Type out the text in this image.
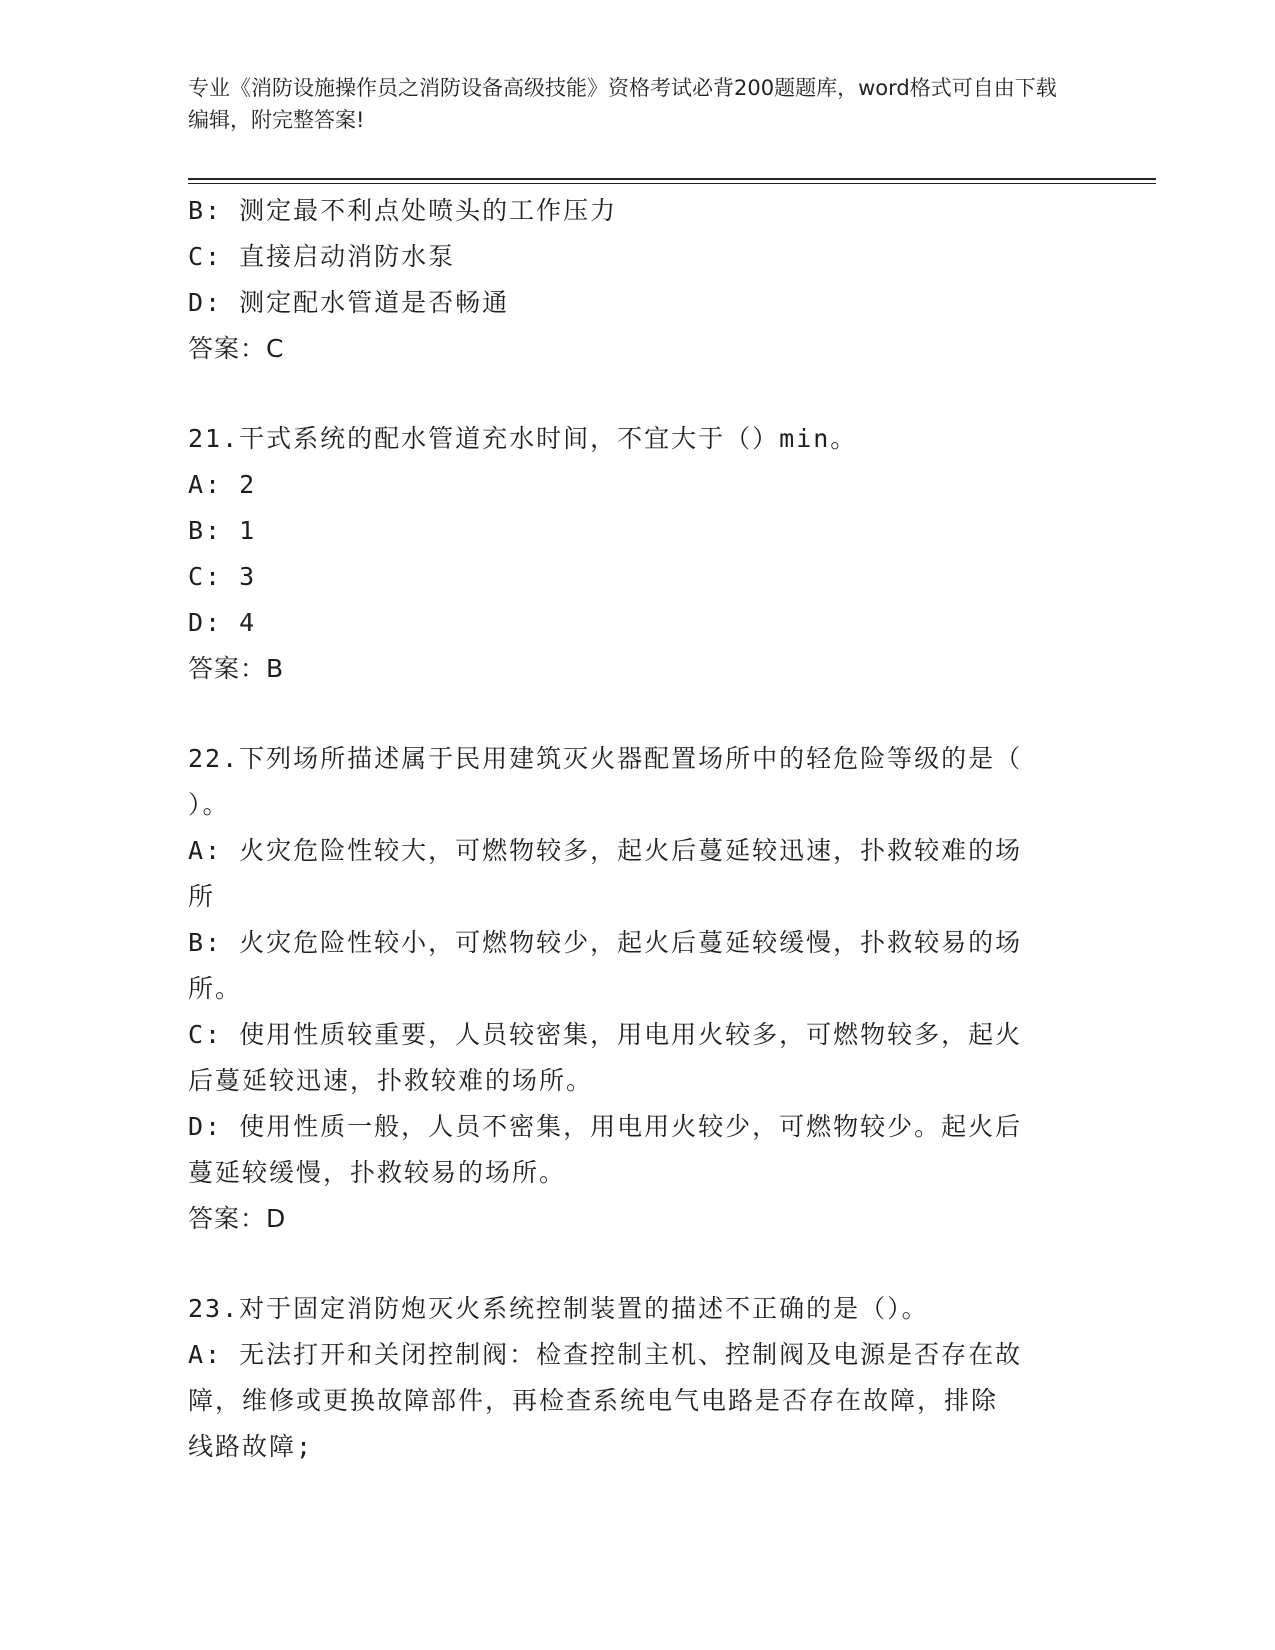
专业《消防设施操作员之消防设备高级技能》资格考试必背200题题库，word格式可自由下载编辑，附完整答案!
B: 测定最不利点处喷头的工作压力
C: 直接启动消防水泵
D: 测定配水管道是否畅通
答案：C
21.干式系统的配水管道充水时间，不宜大于（）min。
A: 2
B: 1
C: 3
D: 4
答案：B
22.下列场所描述属于民用建筑灭火器配置场所中的轻危险等级的是（
）。
A: 火灾危险性较大，可燃物较多，起火后蔓延较迅速，扑救较难的场
所
B: 火灾危险性较小，可燃物较少，起火后蔓延较缓慢，扑救较易的场
所。
C: 使用性质较重要，人员较密集，用电用火较多，可燃物较多，起火
后蔓延较迅速，扑救较难的场所。
D: 使用性质一般，人员不密集，用电用火较少，可燃物较少。起火后
蔓延较缓慢，扑救较易的场所。
答案：D
23.对于固定消防炮灭火系统控制装置的描述不正确的是（）。
A: 无法打开和关闭控制阀：检查控制主机、控制阀及电源是否存在故
障，维修或更换故障部件，再检查系统电气电路是否存在故障，排除
线路故障;
